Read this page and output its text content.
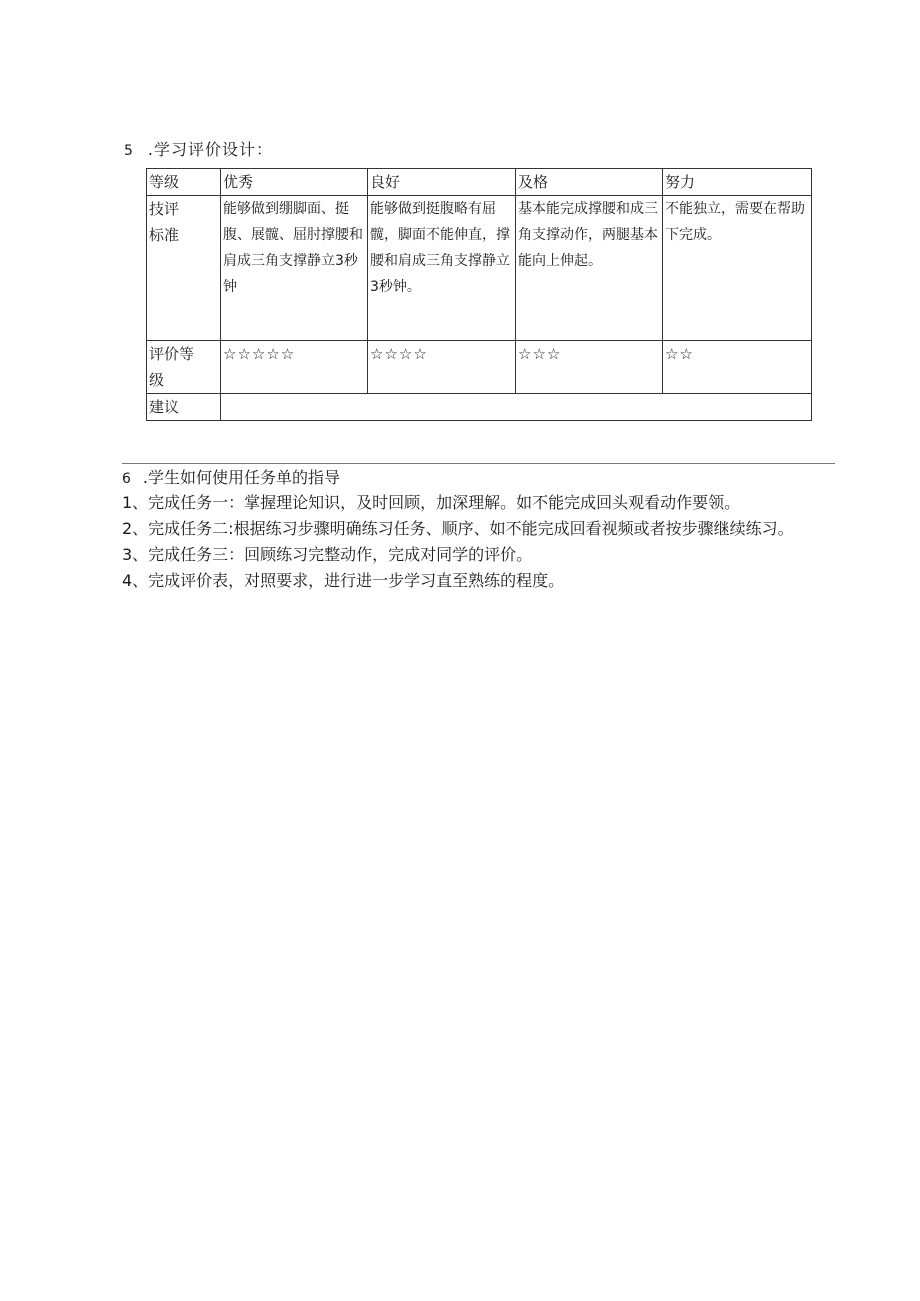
5 .学习评价设计：
等级	优秀	良好	及格	努力
技评
标准	能够做到绷脚面、挺腹、展髋、屈肘撑腰和肩成三角支撑静立3秒钟	能够做到挺腹略有屈髋，脚面不能伸直，撑腰和肩成三角支撑静立3秒钟。	基本能完成撑腰和成三角支撑动作，两腿基本能向上伸起。	不能独立，需要在帮助下完成。
评价等
级	☆☆☆☆☆	☆☆☆☆	☆☆☆	☆☆
建议				

6 .学生如何使用任务单的指导

1、完成任务一：掌握理论知识，及时回顾，加深理解。如不能完成回头观看动作要领。

2、完成任务二:根据练习步骤明确练习任务、顺序、如不能完成回看视频或者按步骤继续练习。

3、完成任务三：回顾练习完整动作，完成对同学的评价。

4、完成评价表，对照要求，进行进一步学习直至熟练的程度。
